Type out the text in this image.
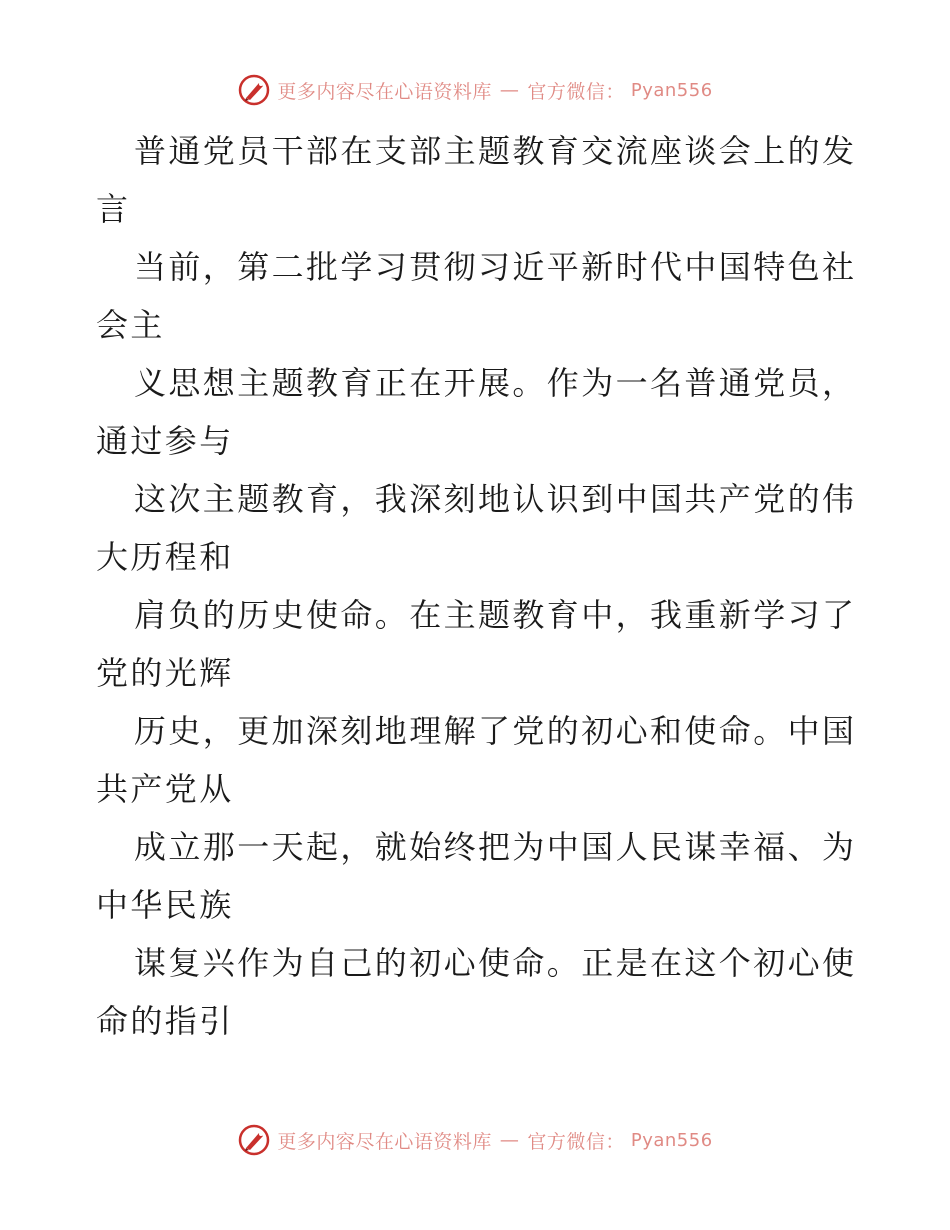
更多内容尽在心语资料库 — 官方微信： Pyan556
普通党员干部在支部主题教育交流座谈会上的发
言
当前，第二批学习贯彻习近平新时代中国特色社
会主
义思想主题教育正在开展。作为一名普通党员，
通过参与
这次主题教育，我深刻地认识到中国共产党的伟
大历程和
肩负的历史使命。在主题教育中，我重新学习了
党的光辉
历史，更加深刻地理解了党的初心和使命。中国
共产党从
成立那一天起，就始终把为中国人民谋幸福、为
中华民族
谋复兴作为自己的初心使命。正是在这个初心使
命的指引
更多内容尽在心语资料库 — 官方微信： Pyan556
